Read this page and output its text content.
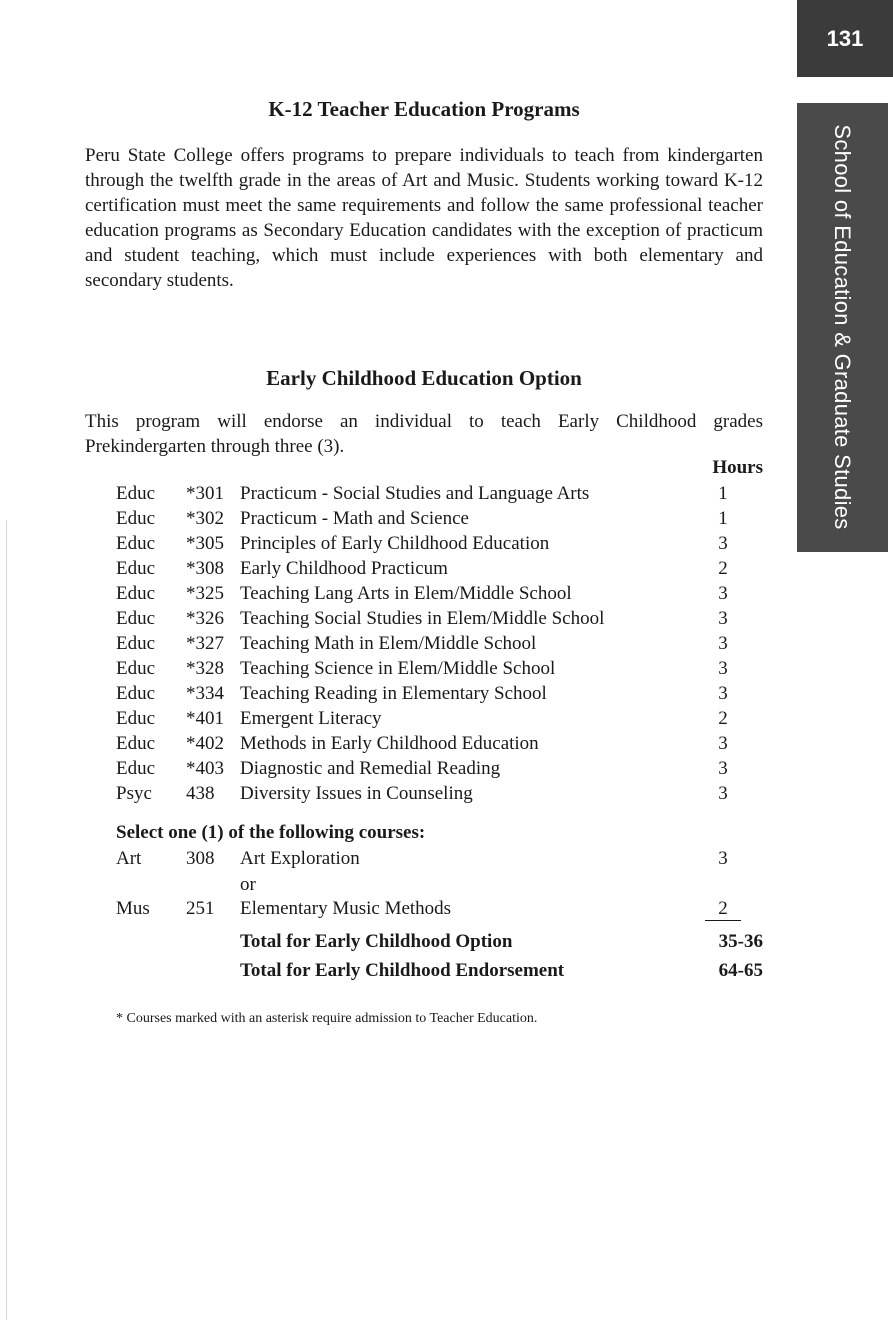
131
School of Education & Graduate Studies
K-12 Teacher Education Programs

Peru State College offers programs to prepare individuals to teach from kindergarten through the twelfth grade in the areas of Art and Music. Students working toward K-12 certification must meet the same requirements and follow the same professional teacher education programs as Secondary Education candidates with the exception of practicum and student teaching, which must include experiences with both elementary and secondary students.

Early Childhood Education Option

This program will endorse an individual to teach Early Childhood grades Prekindergarten through three (3).

Hours
Educ *301 Practicum - Social Studies and Language Arts	1
Educ *302 Practicum - Math and Science	1
Educ *305 Principles of Early Childhood Education	3
Educ *308 Early Childhood Practicum	2
Educ *325 Teaching Lang Arts in Elem/Middle School	3
Educ *326 Teaching Social Studies in Elem/Middle School	3
Educ *327 Teaching Math in Elem/Middle School	3
Educ *328 Teaching Science in Elem/Middle School	3
Educ *334 Teaching Reading in Elementary School	3
Educ *401 Emergent Literacy	2
Educ *402 Methods in Early Childhood Education	3
Educ *403 Diagnostic and Remedial Reading	3
Psyc 438 Diversity Issues in Counseling	3
Select one (1) of the following courses:
Art 308 Art Exploration	3
or
Mus 251 Elementary Music Methods	2
Total for Early Childhood Option	35-36
Total for Early Childhood Endorsement	64-65
* Courses marked with an asterisk require admission to Teacher Education.
